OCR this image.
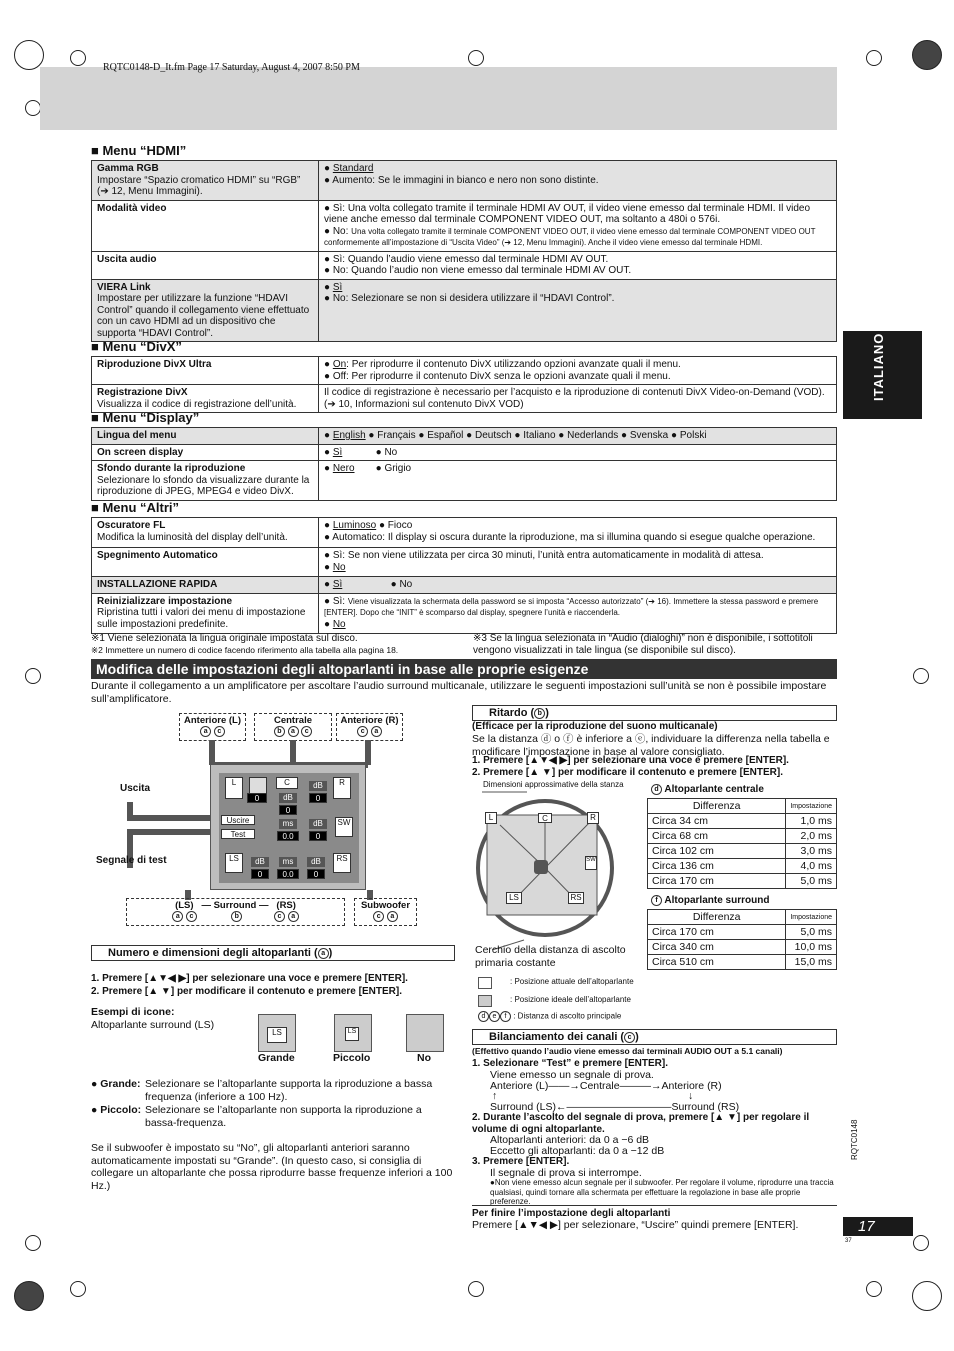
RQTC0148-D_It.fm Page 17 Saturday, August 4, 2007 8:50 PM
ITALIANO
■ Menu “HDMI”
Gamma RGB
Impostare “Spazio cromatico HDMI” su “RGB” (➔ 12, Menu Immagini).	● Standard
● Aumento: Se le immagini in bianco e nero non sono distinte.

Modalità video	● Sì: Una volta collegato tramite il terminale HDMI AV OUT, il video viene emesso dal terminale HDMI. Il video viene anche emesso dal terminale COMPONENT VIDEO OUT, ma soltanto a 480i o 576i.
● No: Una volta collegato tramite il terminale COMPONENT VIDEO OUT, il video viene emesso dal terminale COMPONENT VIDEO OUT conformemente all’impostazione di “Uscita Video” (➔ 12, Menu Immagini). Anche il video viene emesso dal terminale HDMI.

Uscita audio	● Sì: Quando l’audio viene emesso dal terminale HDMI AV OUT.
● No: Quando l’audio non viene emesso dal terminale HDMI AV OUT.

VIERA Link
Impostare per utilizzare la funzione “HDAVI Control” quando il collegamento viene effettuato con un cavo HDMI ad un dispositivo che supporta “HDAVI Control”.	● Sì
● No: Selezionare se non si desidera utilizzare il “HDAVI Control”.
■ Menu “DivX”
Riproduzione DivX Ultra	● On: Per riprodurre il contenuto DivX utilizzando opzioni avanzate quali il menu.
● Off: Per riprodurre il contenuto DivX senza le opzioni avanzate quali il menu.

Registrazione DivX
Visualizza il codice di registrazione dell’unità.	Il codice di registrazione è necessario per l’acquisto e la riproduzione di contenuti DivX Video-on-Demand (VOD). (➔ 10, Informazioni sul contenuto DivX VOD)
■ Menu “Display”
Lingua del menu	● English ● Français ● Español ● Deutsch ● Italiano ● Nederlands ● Svenska ● Polski

On screen display	● Sì ● No

Sfondo durante la riproduzione
Selezionare lo sfondo da visualizzare durante la riproduzione di JPEG, MPEG4 e video DivX.	● Nero ● Grigio
■ Menu “Altri”
Oscuratore FL
Modifica la luminosità del display dell’unità.	● Luminoso ● Fioco
● Automatico: Il display si oscura durante la riproduzione, ma si illumina quando si esegue qualche operazione.

Spegnimento Automatico	● Sì: Se non viene utilizzata per circa 30 minuti, l’unità entra automaticamente in modalità di attesa.
● No

INSTALLAZIONE RAPIDA	● Sì ● No

Reinizializzare impostazione
Ripristina tutti i valori dei menu di impostazione sulle impostazioni predefinite.	● Sì: Viene visualizzata la schermata della password se si imposta “Accesso autorizzato” (➔ 16). Immettere la stessa password e premere [ENTER]. Dopo che “INIT” è scomparso dal display, spegnere l’unità e riaccenderla.
● No
※1 Viene selezionata la lingua originale impostata sul disco.
※2 Immettere un numero di codice facendo riferimento alla tabella alla pagina 18.
※3 Se la lingua selezionata in “Audio (dialoghi)” non è disponibile, i sottotitoli vengono visualizzati in tale lingua (se disponibile sul disco).
Modifica delle impostazioni degli altoparlanti in base alle proprie esigenze
Durante il collegamento a un amplificatore per ascoltare l’audio surround multicanale, utilizzare le seguenti impostazioni sull’unità se non è possibile impostare sull’amplificatore.
Anteriore (L)
a c
Centrale
b a c
Anteriore (R)
c a
Uscita
Segnale di test
L
0
C
dB
0
dB
0
R
Uscire
Test
ms
0.0
dB
0
SW
LS	dB
0
ms
0.0
dB
0
RS
(LS) — Surround — (RS)
a c	b	c a
Subwoofer
c a
Numero e dimensioni degli altoparlanti ( a )
1. Premere [▲▼◀ ▶] per selezionare una voce e premere [ENTER].
2. Premere [▲ ▼] per modificare il contenuto e premere [ENTER].
Esempi di icone:
Altoparlante surround (LS)
LS	LS
Grande	Piccolo	No
● Grande: Selezionare se l’altoparlante supporta la riproduzione a bassa frequenza (inferiore a 100 Hz).
● Piccolo: Selezionare se l’altoparlante non supporta la riproduzione a bassa-frequenza.
Se il subwoofer è impostato su “No”, gli altoparlanti anteriori saranno automaticamente impostati su “Grande”. (In questo caso, si consiglia di collegare un altoparlante che possa riprodurre basse frequenze inferiori a 100 Hz.)
Ritardo ( b )
(Efficace per la riproduzione del suono multicanale)
Se la distanza ⓓ o ⓕ è inferiore a ⓔ, individuare la differenza nella tabella e modificare l’impostazione in base al valore consigliato.
1. Premere [▲▼◀ ▶] per selezionare una voce e premere [ENTER].
2. Premere [▲ ▼] per modificare il contenuto e premere [ENTER].
Dimensioni approssimative della stanza
L	C	R
SW
LS	RS
Cerchio della distanza di ascolto primaria costante
: Posizione attuale dell’altoparlante
: Posizione ideale dell’altoparlante
d e f : Distanza di ascolto principale
d Altoparlante centrale
Differenza	Impostazione
Circa 34 cm	1,0 ms
Circa 68 cm	2,0 ms
Circa 102 cm	3,0 ms
Circa 136 cm	4,0 ms
Circa 170 cm	5,0 ms
f Altoparlante surround
Differenza	Impostazione
Circa 170 cm	5,0 ms
Circa 340 cm	10,0 ms
Circa 510 cm	15,0 ms
Bilanciamento dei canali ( c )
(Effettivo quando l’audio viene emesso dai terminali AUDIO OUT a 5.1 canali)
1. Selezionare “Test” e premere [ENTER].
Viene emesso un segnale di prova.
Anteriore (L)——→Centrale———→Anteriore (R)
↑	↓
Surround (LS)←——————————Surround (RS)
2. Durante l’ascolto del segnale di prova, premere [▲ ▼] per regolare il volume di ogni altoparlante.
Altoparlanti anteriori: da 0 a −6 dB
Eccetto gli altoparlanti: da 0 a −12 dB
3. Premere [ENTER].
Il segnale di prova si interrompe.
●Non viene emesso alcun segnale per il subwoofer. Per regolare il volume, riprodurre una traccia qualsiasi, quindi tornare alla schermata per effettuare la regolazione in base alle proprie preferenze.
Per finire l’impostazione degli altoparlanti
Premere [▲▼◀ ▶] per selezionare, “Uscire” quindi premere [ENTER].
RQTC0148
17
37
